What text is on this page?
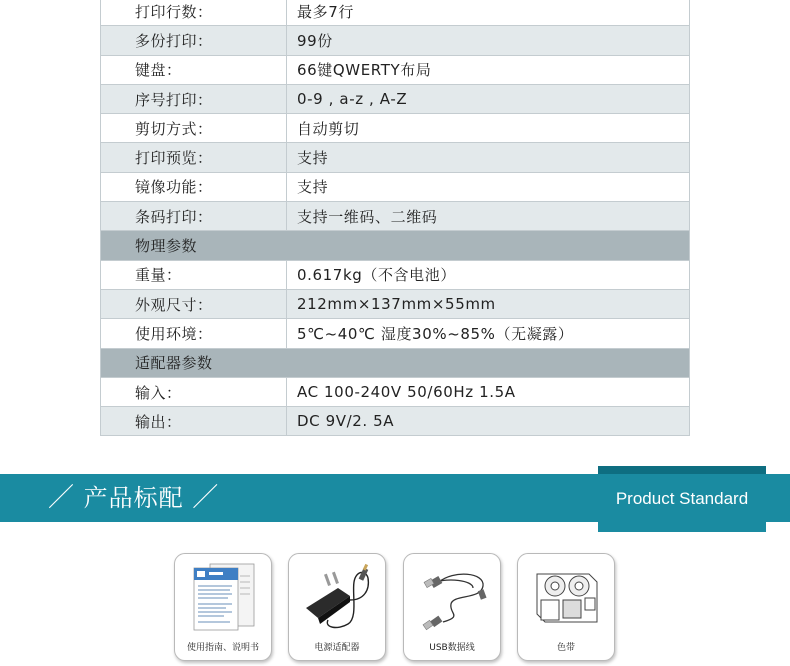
打印行数：	最多7行
多份打印：	99份
键盘：	66键QWERTY布局
序号打印：	0-9 , a-z , A-Z
剪切方式：	自动剪切
打印预览：	支持
镜像功能：	支持
条码打印：	支持一维码、二维码
物理参数	
重量：	0.617kg（不含电池）
外观尺寸：	212mm×137mm×55mm
使用环境：	5℃~40℃ 湿度30%~85%（无凝露）
适配器参数	
输入：	AC 100-240V 50/60Hz 1.5A
输出：	DC 9V/2. 5A
／ 产品标配 ／	Product Standard
使用指南、说明书	电源适配器	USB数据线	色带
